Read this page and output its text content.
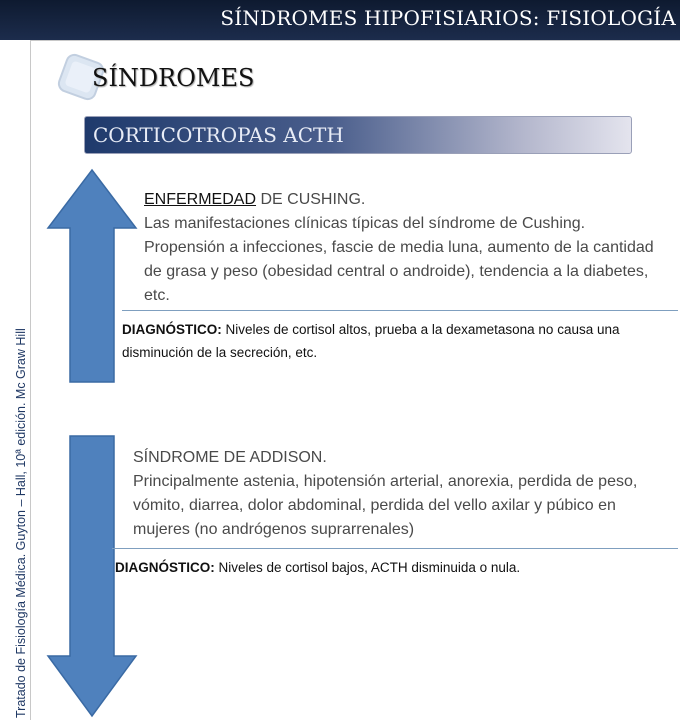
SÍNDROMES HIPOFISIARIOS: FISIOLOGÍA
Tratado de Fisiología Médica. Guyton – Hall, 10ª edición. Mc Graw Hill
SÍNDROMES
CORTICOTROPAS ACTH
ENFERMEDAD DE CUSHING.
Las manifestaciones clínicas típicas del síndrome de Cushing. Propensión a infecciones, fascie de media luna, aumento de la cantidad de grasa y peso (obesidad central o androide), tendencia a la diabetes, etc.
DIAGNÓSTICO: Niveles de cortisol altos, prueba a la dexametasona no causa una disminución de la secreción, etc.
SÍNDROME DE ADDISON.
Principalmente astenia, hipotensión arterial, anorexia, perdida de peso, vómito, diarrea, dolor abdominal, perdida del vello axilar y púbico en mujeres (no andrógenos suprarrenales)
DIAGNÓSTICO: Niveles de cortisol bajos, ACTH disminuida o nula.
